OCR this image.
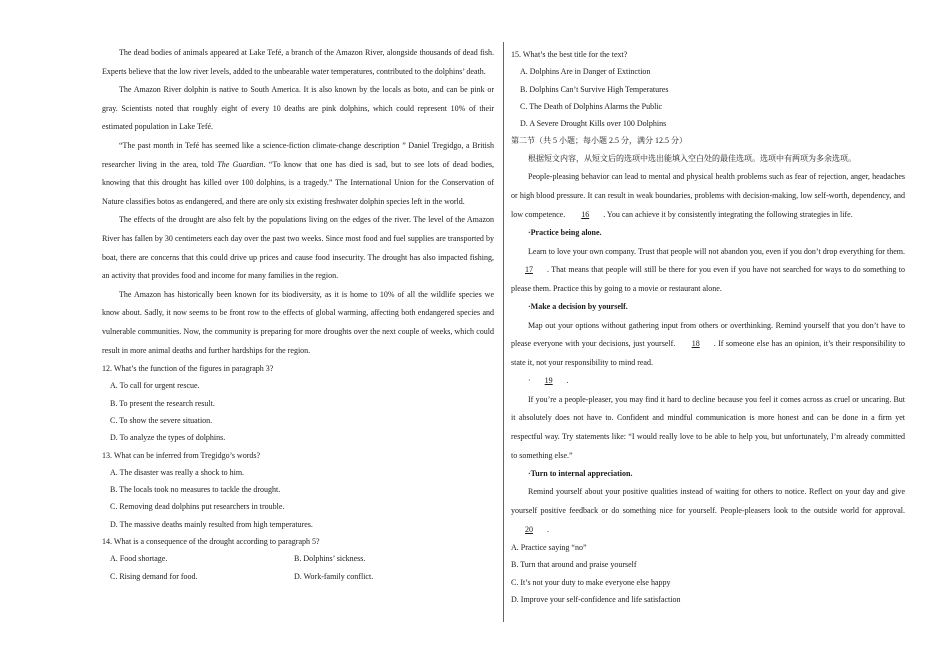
The dead bodies of animals appeared at Lake Tefé, a branch of the Amazon River, alongside thousands of dead fish. Experts believe that the low river levels, added to the unbearable water temperatures, contributed to the dolphins’ death.

The Amazon River dolphin is native to South America. It is also known by the locals as boto, and can be pink or gray. Scientists noted that roughly eight of every 10 deaths are pink dolphins, which could represent 10% of their estimated population in Lake Tefé.

“The past month in Tefé has seemed like a science-fiction climate-change description ” Daniel Tregidgo, a British researcher living in the area, told The Guardian. “To know that one has died is sad, but to see lots of dead bodies, knowing that this drought has killed over 100 dolphins, is a tragedy.” The International Union for the Conservation of Nature classifies botos as endangered, and there are only six existing freshwater dolphin species left in the world.

The effects of the drought are also felt by the populations living on the edges of the river. The level of the Amazon River has fallen by 30 centimeters each day over the past two weeks. Since most food and fuel supplies are transported by boat, there are concerns that this could drive up prices and cause food insecurity. The drought has also impacted fishing, an activity that provides food and income for many families in the region.

The Amazon has historically been known for its biodiversity, as it is home to 10% of all the wildlife species we know about. Sadly, it now seems to be front row to the effects of global warming, affecting both endangered species and vulnerable communities. Now, the community is preparing for more droughts over the next couple of weeks, which could result in more animal deaths and further hardships for the region.

12. What’s the function of the figures in paragraph 3?

A. To call for urgent rescue.

B. To present the research result.

C. To show the severe situation.

D. To analyze the types of dolphins.

13. What can be inferred from Tregidgo’s words?

A. The disaster was really a shock to him.

B. The locals took no measures to tackle the drought.

C. Removing dead dolphins put researchers in trouble.

D. The massive deaths mainly resulted from high temperatures.

14. What is a consequence of the drought according to paragraph 5?

A. Food shortage.	B. Dolphins’ sickness.
C. Rising demand for food.	D. Work-family conflict.

15. What’s the best title for the text?

A. Dolphins Are in Danger of Extinction

B. Dolphins Can’t Survive High Temperatures

C. The Death of Dolphins Alarms the Public

D. A Severe Drought Kills over 100 Dolphins

第二节（共 5 小题；每小题 2.5 分，满分 12.5 分）

根据短文内容，从短文后的选项中选出能填入空白处的最佳选项。选项中有两项为多余选项。

People-pleasing behavior can lead to mental and physical health problems such as fear of rejection, anger, headaches or high blood pressure. It can result in weak boundaries, problems with decision-making, low self-worth, dependency, and low competence. 16 . You can achieve it by consistently integrating the following strategies in life.

·Practice being alone.

Learn to love your own company. Trust that people will not abandon you, even if you don’t drop everything for them. 17 . That means that people will still be there for you even if you have not searched for ways to do something to please them. Practice this by going to a movie or restaurant alone.

·Make a decision by yourself.

Map out your options without gathering input from others or overthinking. Remind yourself that you don’t have to please everyone with your decisions, just yourself. 18 . If someone else has an opinion, it’s their responsibility to state it, not your responsibility to mind read.

· 19 .

If you’re a people-pleaser, you may find it hard to decline because you feel it comes across as cruel or uncaring. But it absolutely does not have to. Confident and mindful communication is more honest and can be done in a firm yet respectful way. Try statements like: “I would really love to be able to help you, but unfortunately, I’m already committed to something else.”

·Turn to internal appreciation.

Remind yourself about your positive qualities instead of waiting for others to notice. Reflect on your day and give yourself positive feedback or do something nice for yourself. People-pleasers look to the outside world for approval. 20 .

A. Practice saying “no”

B. Turn that around and praise yourself

C. It’s not your duty to make everyone else happy

D. Improve your self-confidence and life satisfaction
